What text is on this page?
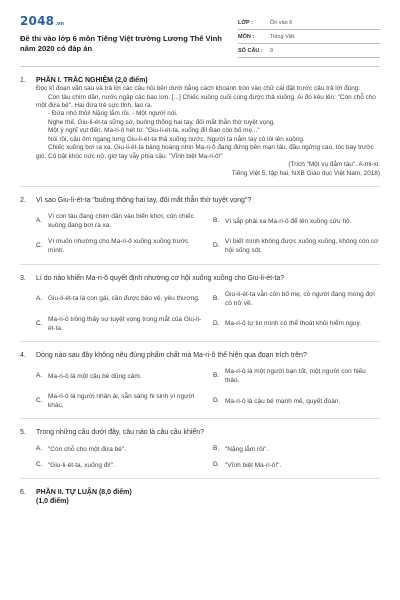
2048 .vn
Đề thi vào lớp 6 môn Tiếng Việt trường Lương Thế Vinh năm 2020 có đáp án
LỚP :	Ôn vào 6
MÔN :	Tiếng Việt
SỐ CÂU :	9
1.	PHẦN I. TRẮC NGHIỆM (2,0 điểm)

Đọc kĩ đoạn văn sau và trả lời các câu hỏi bên dưới bằng cách khoanh tròn vào chữ cái đặt trước câu trả lời đúng:

Con tàu chìm dần, nước ngập các bao lơn. [...] Chiếc xuồng cuối cùng được thả xuống. Ai đó kêu lên: "Còn chỗ cho một đứa bé". Hai đứa trẻ sực tỉnh, lao ra.

- Đứa nhỏ thôi! Nặng lắm rồi. - Một người nói.

Nghe thế, Giu-li-ét-ta sững sờ, buông thõng hai tay, đôi mắt thẫn thờ tuyệt vọng.

Một ý nghĩ vụt đến, Ma-ri-ô hét to: "Giu-li-ét-ta, xuống đi! Bạn còn bố mẹ..."

Nói rồi, cậu ôm ngang lưng Giu-li-ét-ta thả xuống nước. Người ta nắm tay cô lôi lên xuồng.

Chiếc xuồng bơi ra xa. Giu-li-ét-ta bàng hoàng nhìn Ma-ri-ô đang đứng bên mạn tàu, đầu ngửng cao, tóc bay trước gió. Cô bật khóc nức nở, giơ tay vẫy phía cậu: "Vĩnh biệt Ma-ri-ô!"

(Trích "Một vụ đắm tàu", A-mi-xi.

Tiếng Việt 5, tập hai, NXB Giáo dục Việt Nam, 2018)

2.	Vì sao Giu-li-ét-ta "buông thõng hai tay, đôi mắt thẫn thờ tuyệt vọng"?
A.
Vì con tàu đang chìm dần vào biển khơi, còn chiếc xuồng đang bơi ra xa.
B. Vì sắp phải xa Ma-ri-ô để lên xuồng cứu hộ.
C.
Vì muốn nhường cho Ma-ri-ô xuống xuồng trước mình.
D.
Vì biết mình không được xuống xuồng, không còn cơ hội sống sót.
3.	Lí do nào khiến Ma-ri-ô quyết định nhường cơ hội xuống xuồng cho Giu-li-ét-ta?
A. Giu-li-ét-ta là con gái, cần được bảo vệ, yêu thương. B.
Giu-li-ét-ta vẫn còn bố mẹ, có người đang mong đợi cô trở về.
C.
Ma-ri-ô trông thấy sự tuyệt vọng trong mắt của Giu-li-ét-ta.
D. Ma-ri-ô tự tin mình có thể thoát khỏi hiểm nguy.
4.	Dòng nào sau đây không nêu đúng phẩm chất mà Ma-ri-ô thể hiện qua đoạn trích trên?
A. Ma-ri-ô là một cậu bé dũng cảm.	B.
Ma-ri-ô là một người bạn tốt, một người con hiếu thảo.
C.
Ma-ri-ô là người nhân ái, sẵn sàng hi sinh vì người khác.
D. Ma-ri-ô là cậu bé mạnh mẽ, quyết đoán.
5.	Trong những câu dưới đây, câu nào là câu cầu khiến?
A. "Còn chỗ cho một đứa bé".	B. "Nặng lắm rồi".
C. "Giu-li-ét-ta, xuống đi!".	D. "Vĩnh biệt Ma-ri-ô!".
6.	PHẦN II. TỰ LUẬN (8,0 điểm)
(1,0 điểm)
